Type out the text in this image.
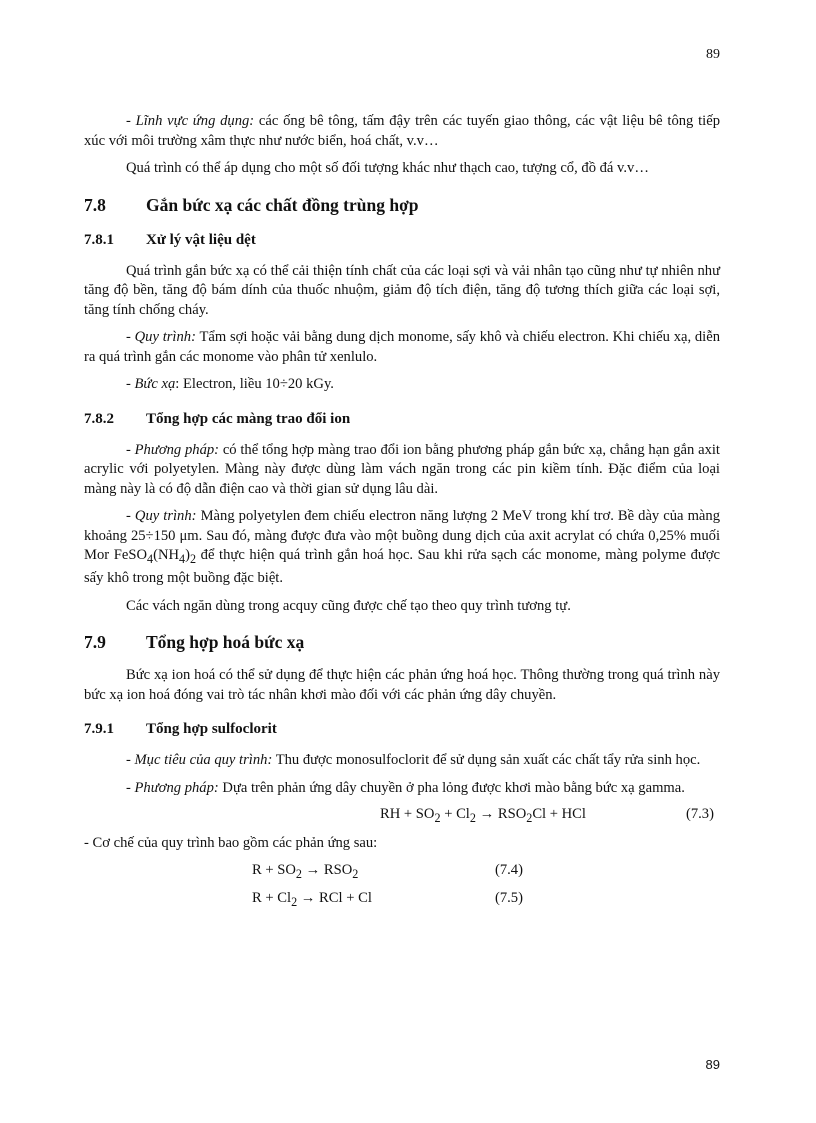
89

- Lĩnh vực ứng dụng: các ống bê tông, tấm đậy trên các tuyến giao thông, các vật liệu bê tông tiếp xúc với môi trường xâm thực như nước biển, hoá chất, v.v…

Quá trình có thể áp dụng cho một số đối tượng khác như thạch cao, tượng cổ, đồ đá v.v…

7.8 Gắn bức xạ các chất đồng trùng hợp
7.8.1 Xử lý vật liệu dệt

Quá trình gắn bức xạ có thể cải thiện tính chất của các loại sợi và vải nhân tạo cũng như tự nhiên như tăng độ bền, tăng độ bám dính của thuốc nhuộm, giảm độ tích điện, tăng độ tương thích giữa các loại sợi, tăng tính chống cháy.

- Quy trình: Tẩm sợi hoặc vải bằng dung dịch monome, sấy khô và chiếu electron. Khi chiếu xạ, diễn ra quá trình gắn các monome vào phân tử xenlulo.

- Bức xạ: Electron, liều 10÷20 kGy.

7.8.2 Tổng hợp các màng trao đổi ion

- Phương pháp: có thể tổng hợp màng trao đổi ion bằng phương pháp gắn bức xạ, chẳng hạn gắn axit acrylic với polyetylen. Màng này được dùng làm vách ngăn trong các pin kiềm tính. Đặc điểm của loại màng này là có độ dẫn điện cao và thời gian sử dụng lâu dài.

- Quy trình: Màng polyetylen đem chiếu electron năng lượng 2 MeV trong khí trơ. Bề dày của màng khoảng 25÷150 μm. Sau đó, màng được đưa vào một buồng dung dịch của axit acrylat có chứa 0,25% muối Mor $FeSO_4(NH_4)_2$ để thực hiện quá trình gắn hoá học. Sau khi rửa sạch các monome, màng polyme được sấy khô trong một buồng đặc biệt.

Các vách ngăn dùng trong acquy cũng được chế tạo theo quy trình tương tự.

7.9 Tổng hợp hoá bức xạ

Bức xạ ion hoá có thể sử dụng để thực hiện các phản ứng hoá học. Thông thường trong quá trình này bức xạ ion hoá đóng vai trò tác nhân khơi mào đối với các phản ứng dây chuyền.

7.9.1 Tổng hợp sulfoclorit

- Mục tiêu của quy trình: Thu được monosulfoclorit để sử dụng sản xuất các chất tẩy rửa sinh học.

- Phương pháp: Dựa trên phản ứng dây chuyền ở pha lỏng được khơi mào bằng bức xạ gamma.

RH + $SO_2 + Cl_2 \to RSO_2Cl$ + HCl	(7.3)

- Cơ chế của quy trình bao gồm các phản ứng sau:

$R + SO_2 \to RSO_2$	(7.4)
$R + Cl_2$ → RCl + Cl	(7.5)
89
